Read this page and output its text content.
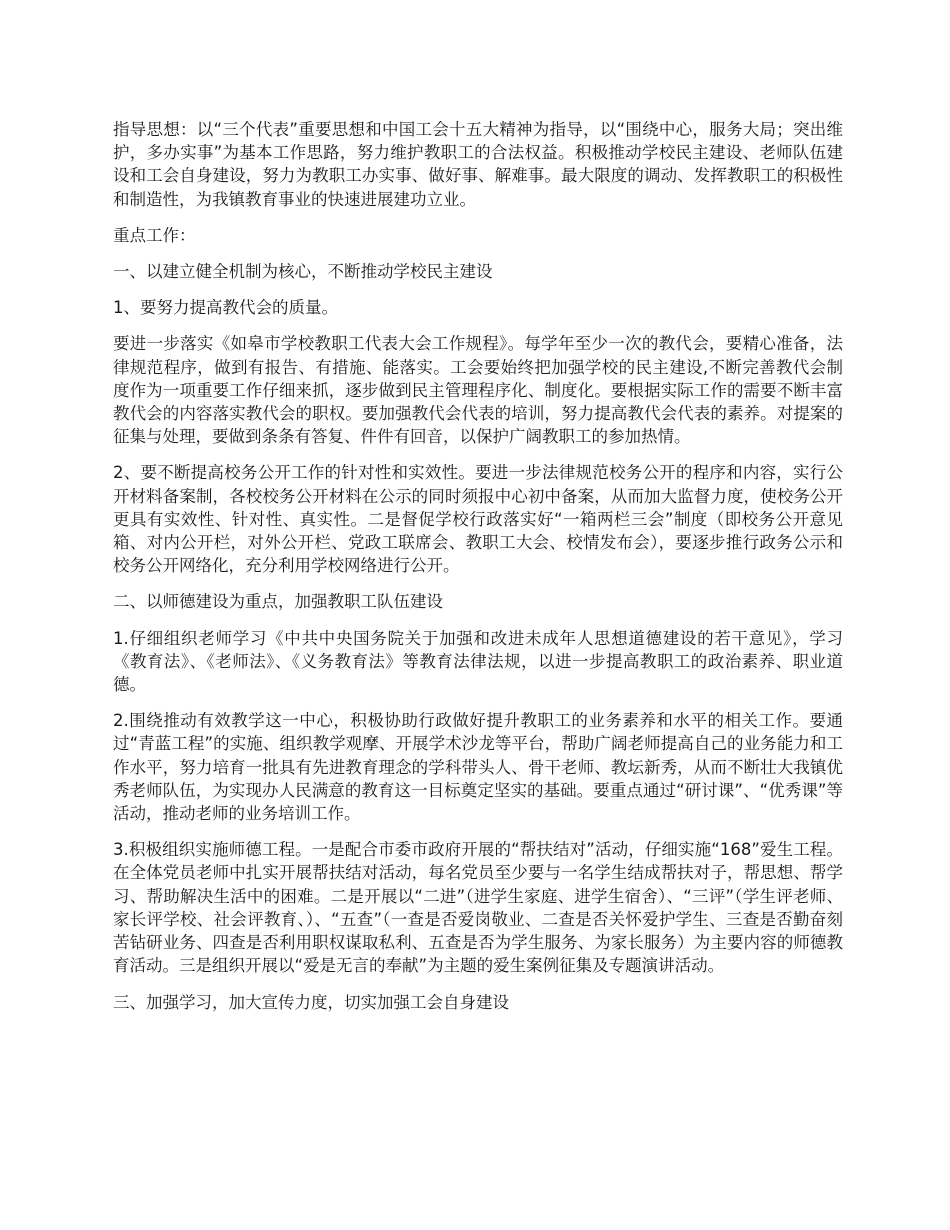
指导思想：以“三个代表”重要思想和中国工会十五大精神为指导，以“围绕中心，服务大局；突出维护，多办实事”为基本工作思路，努力维护教职工的合法权益。积极推动学校民主建设、老师队伍建设和工会自身建设，努力为教职工办实事、做好事、解难事。最大限度的调动、发挥教职工的积极性和制造性，为我镇教育事业的快速进展建功立业。

重点工作：

一、以建立健全机制为核心，不断推动学校民主建设

1、要努力提高教代会的质量。

要进一步落实《如皋市学校教职工代表大会工作规程》。每学年至少一次的教代会，要精心准备，法律规范程序，做到有报告、有措施、能落实。工会要始终把加强学校的民主建设,不断完善教代会制度作为一项重要工作仔细来抓，逐步做到民主管理程序化、制度化。要根据实际工作的需要不断丰富教代会的内容落实教代会的职权。要加强教代会代表的培训，努力提高教代会代表的素养。对提案的征集与处理，要做到条条有答复、件件有回音，以保护广阔教职工的参加热情。

2、要不断提高校务公开工作的针对性和实效性。要进一步法律规范校务公开的程序和内容，实行公开材料备案制，各校校务公开材料在公示的同时须报中心初中备案，从而加大监督力度，使校务公开更具有实效性、针对性、真实性。二是督促学校行政落实好“一箱两栏三会”制度（即校务公开意见箱、对内公开栏，对外公开栏、党政工联席会、教职工大会、校情发布会），要逐步推行政务公示和校务公开网络化，充分利用学校网络进行公开。

二、以师德建设为重点，加强教职工队伍建设

1.仔细组织老师学习《中共中央国务院关于加强和改进未成年人思想道德建设的若干意见》，学习《教育法》、《老师法》、《义务教育法》等教育法律法规，以进一步提高教职工的政治素养、职业道德。

2.围绕推动有效教学这一中心，积极协助行政做好提升教职工的业务素养和水平的相关工作。要通过“青蓝工程”的实施、组织教学观摩、开展学术沙龙等平台，帮助广阔老师提高自己的业务能力和工作水平，努力培育一批具有先进教育理念的学科带头人、骨干老师、教坛新秀，从而不断壮大我镇优秀老师队伍，为实现办人民满意的教育这一目标奠定坚实的基础。要重点通过“研讨课”、“优秀课”等活动，推动老师的业务培训工作。

3.积极组织实施师德工程。一是配合市委市政府开展的“帮扶结对”活动，仔细实施“168”爱生工程。在全体党员老师中扎实开展帮扶结对活动，每名党员至少要与一名学生结成帮扶对子，帮思想、帮学习、帮助解决生活中的困难。二是开展以“二进”（进学生家庭、进学生宿舍）、“三评”（学生评老师、家长评学校、社会评教育、）、“五查”（一查是否爱岗敬业、二查是否关怀爱护学生、三查是否勤奋刻苦钻研业务、四查是否利用职权谋取私利、五查是否为学生服务、为家长服务）为主要内容的师德教育活动。三是组织开展以“爱是无言的奉献”为主题的爱生案例征集及专题演讲活动。

三、加强学习，加大宣传力度，切实加强工会自身建设
